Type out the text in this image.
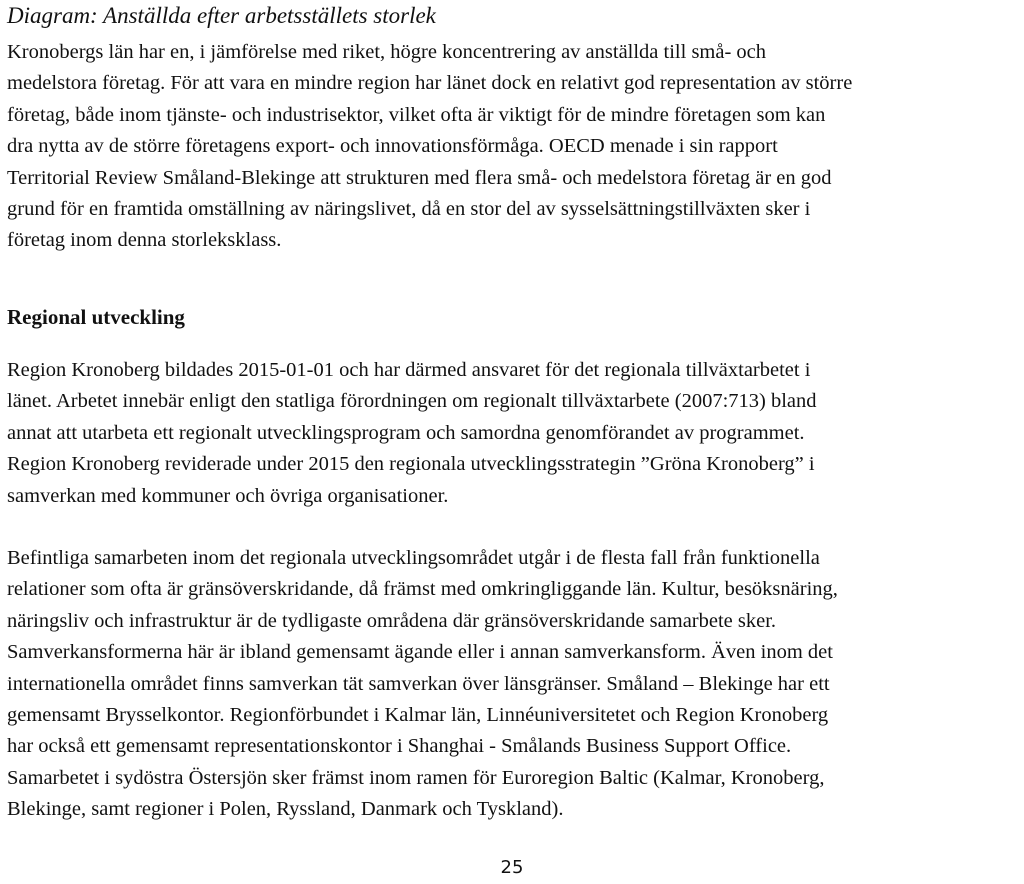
Diagram: Anställda efter arbetsställets storlek

Kronobergs län har en, i jämförelse med riket, högre koncentrering av anställda till små- och
medelstora företag. För att vara en mindre region har länet dock en relativt god representation av större
företag, både inom tjänste- och industrisektor, vilket ofta är viktigt för de mindre företagen som kan
dra nytta av de större företagens export- och innovationsförmåga. OECD menade i sin rapport
Territorial Review Småland-Blekinge att strukturen med flera små- och medelstora företag är en god
grund för en framtida omställning av näringslivet, då en stor del av sysselsättningstillväxten sker i
företag inom denna storleksklass.

Regional utveckling

Region Kronoberg bildades 2015-01-01 och har därmed ansvaret för det regionala tillväxtarbetet i
länet. Arbetet innebär enligt den statliga förordningen om regionalt tillväxtarbete (2007:713) bland
annat att utarbeta ett regionalt utvecklingsprogram och samordna genomförandet av programmet.
Region Kronoberg reviderade under 2015 den regionala utvecklingsstrategin ”Gröna Kronoberg” i
samverkan med kommuner och övriga organisationer.

Befintliga samarbeten inom det regionala utvecklingsområdet utgår i de flesta fall från funktionella
relationer som ofta är gränsöverskridande, då främst med omkringliggande län. Kultur, besöksnäring,
näringsliv och infrastruktur är de tydligaste områdena där gränsöverskridande samarbete sker.
Samverkansformerna här är ibland gemensamt ägande eller i annan samverkansform. Även inom det
internationella området finns samverkan tät samverkan över länsgränser. Småland – Blekinge har ett
gemensamt Brysselkontor. Regionförbundet i Kalmar län, Linnéuniversitetet och Region Kronoberg
har också ett gemensamt representationskontor i Shanghai - Smålands Business Support Office.
Samarbetet i sydöstra Östersjön sker främst inom ramen för Euroregion Baltic (Kalmar, Kronoberg,
Blekinge, samt regioner i Polen, Ryssland, Danmark och Tyskland).

25
